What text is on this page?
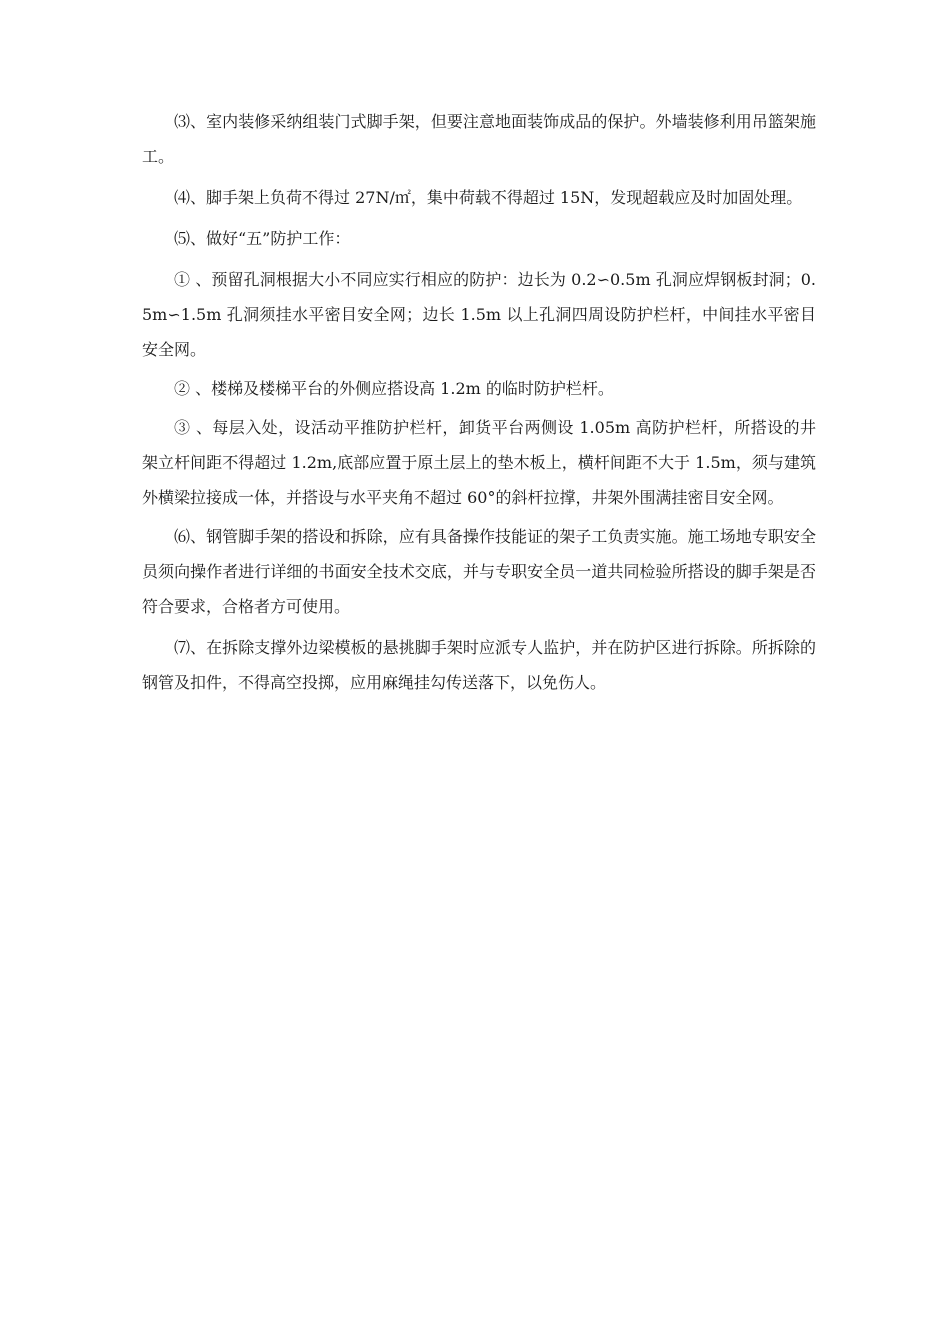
⑶、室内装修采纳组装门式脚手架，但要注意地面装饰成品的保护。外墙装修利用吊篮架施工。

⑷、脚手架上负荷不得过 27N/㎡，集中荷载不得超过 15N，发现超载应及时加固处理。

⑸、做好“五”防护工作：

① 、预留孔洞根据大小不同应实行相应的防护：边长为 0.2∽0.5m 孔洞应焊钢板封洞；0.5m∽1.5m 孔洞须挂水平密目安全网；边长 1.5m 以上孔洞四周设防护栏杆，中间挂水平密目安全网。

② 、楼梯及楼梯平台的外侧应搭设高 1.2m 的临时防护栏杆。

③ 、每层入处，设活动平推防护栏杆，卸货平台两侧设 1.05m 高防护栏杆，所搭设的井架立杆间距不得超过 1.2m,底部应置于原土层上的垫木板上，横杆间距不大于 1.5m，须与建筑外横梁拉接成一体，并搭设与水平夹角不超过 60°的斜杆拉撑，井架外围满挂密目安全网。

⑹、钢管脚手架的搭设和拆除，应有具备操作技能证的架子工负责实施。施工场地专职安全员须向操作者进行详细的书面安全技术交底，并与专职安全员一道共同检验所搭设的脚手架是否符合要求，合格者方可使用。

⑺、在拆除支撑外边梁模板的悬挑脚手架时应派专人监护，并在防护区进行拆除。所拆除的钢管及扣件，不得高空投掷，应用麻绳挂勾传送落下，以免伤人。
